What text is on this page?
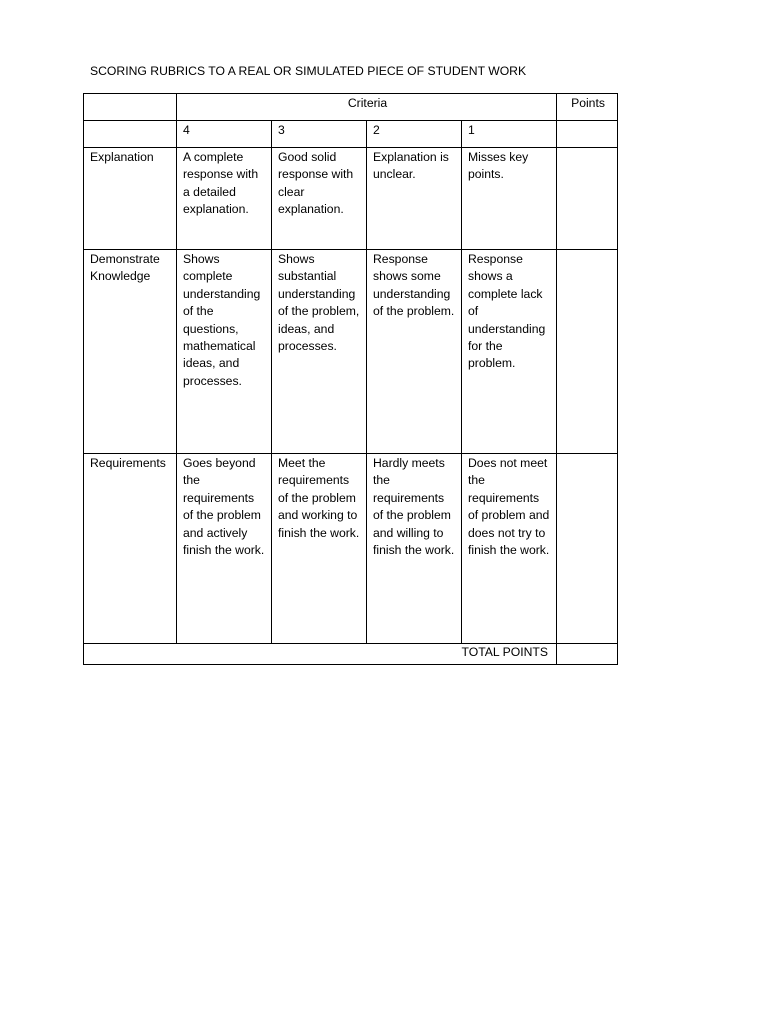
SCORING RUBRICS TO A REAL OR SIMULATED PIECE OF STUDENT WORK
	Criteria				Points
	4	3	2	1	
Explanation	A complete response with a detailed explanation.	Good solid response with clear explanation.	Explanation is unclear.	Misses key points.	
Demonstrate Knowledge	Shows complete understanding of the questions, mathematical ideas, and processes.	Shows substantial understanding of the problem, ideas, and processes.	Response shows some understanding of the problem.	Response shows a complete lack of understanding for the problem.	
Requirements	Goes beyond the requirements of the problem and actively finish the work.	Meet the requirements of the problem and working to finish the work.	Hardly meets the requirements of the problem and willing to finish the work.	Does not meet the requirements of problem and does not try to finish the work.	
TOTAL POINTS					
